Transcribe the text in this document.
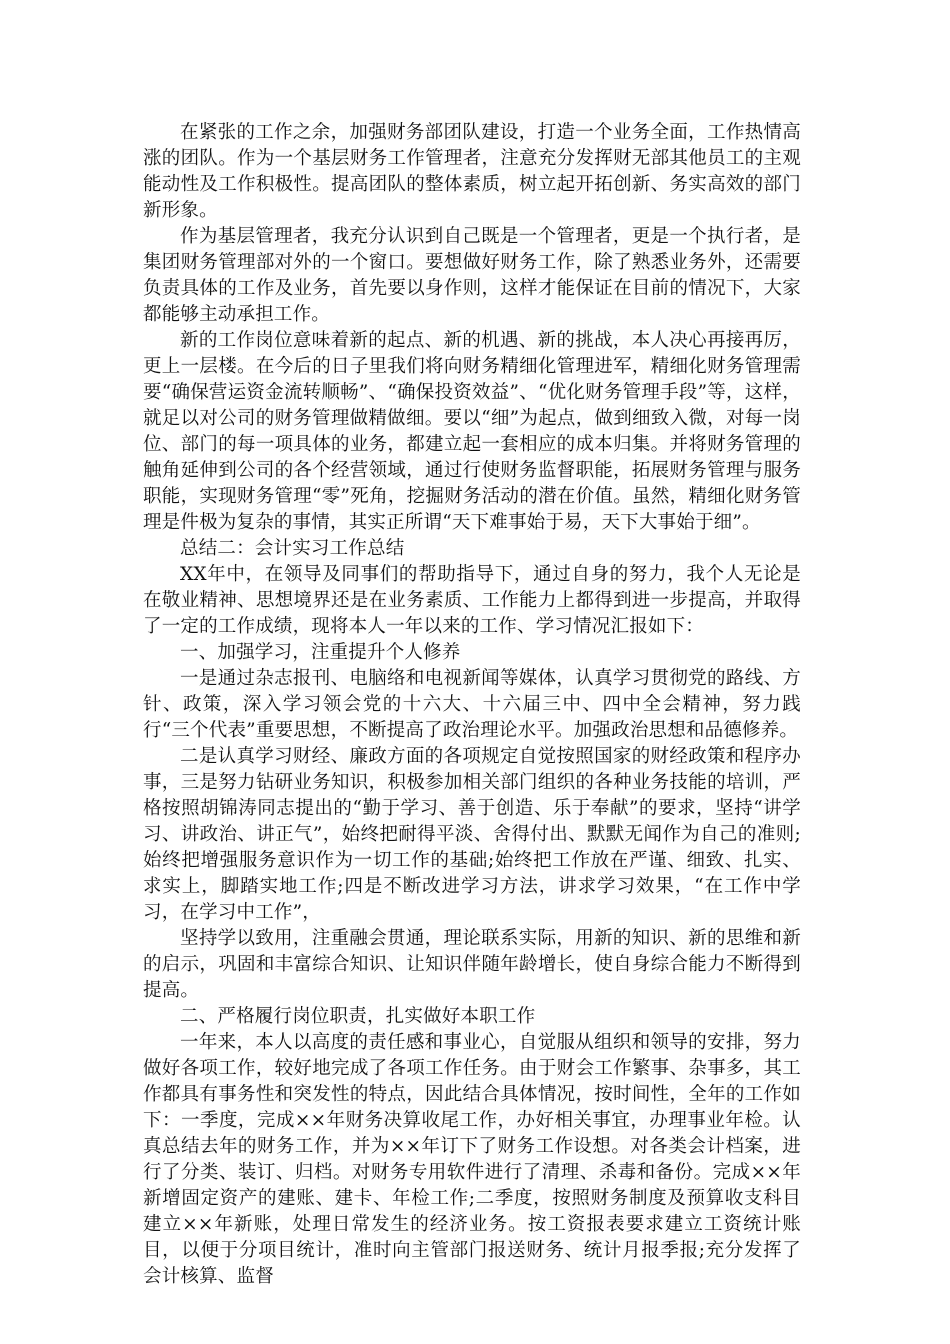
在紧张的工作之余，加强财务部团队建设，打造一个业务全面，工作热情高涨的团队。作为一个基层财务工作管理者，注意充分发挥财无部其他员工的主观能动性及工作积极性。提高团队的整体素质，树立起开拓创新、务实高效的部门新形象。

作为基层管理者，我充分认识到自己既是一个管理者，更是一个执行者，是集团财务管理部对外的一个窗口。要想做好财务工作，除了熟悉业务外，还需要负责具体的工作及业务，首先要以身作则，这样才能保证在目前的情况下，大家都能够主动承担工作。

新的工作岗位意味着新的起点、新的机遇、新的挑战，本人决心再接再厉，更上一层楼。在今后的日子里我们将向财务精细化管理进军，精细化财务管理需要“确保营运资金流转顺畅”、“确保投资效益”、“优化财务管理手段”等，这样，就足以对公司的财务管理做精做细。要以“细”为起点，做到细致入微，对每一岗位、部门的每一项具体的业务，都建立起一套相应的成本归集。并将财务管理的触角延伸到公司的各个经营领域，通过行使财务监督职能，拓展财务管理与服务职能，实现财务管理“零”死角，挖掘财务活动的潜在价值。虽然，精细化财务管理是件极为复杂的事情，其实正所谓“天下难事始于易，天下大事始于细”。

总结二：会计实习工作总结

XX年中，在领导及同事们的帮助指导下，通过自身的努力，我个人无论是在敬业精神、思想境界还是在业务素质、工作能力上都得到进一步提高，并取得了一定的工作成绩，现将本人一年以来的工作、学习情况汇报如下：

一、加强学习，注重提升个人修养

一是通过杂志报刊、电脑络和电视新闻等媒体，认真学习贯彻党的路线、方针、政策，深入学习领会党的十六大、十六届三中、四中全会精神，努力践行“三个代表”重要思想，不断提高了政治理论水平。加强政治思想和品德修养。

二是认真学习财经、廉政方面的各项规定自觉按照国家的财经政策和程序办事，三是努力钻研业务知识，积极参加相关部门组织的各种业务技能的培训，严格按照胡锦涛同志提出的“勤于学习、善于创造、乐于奉献”的要求，坚持“讲学习、讲政治、讲正气”，始终把耐得平淡、舍得付出、默默无闻作为自己的准则;始终把增强服务意识作为一切工作的基础;始终把工作放在严谨、细致、扎实、求实上，脚踏实地工作;四是不断改进学习方法，讲求学习效果，“在工作中学习，在学习中工作”，

坚持学以致用，注重融会贯通，理论联系实际，用新的知识、新的思维和新的启示，巩固和丰富综合知识、让知识伴随年龄增长，使自身综合能力不断得到提高。

二、严格履行岗位职责，扎实做好本职工作

一年来，本人以高度的责任感和事业心，自觉服从组织和领导的安排，努力做好各项工作，较好地完成了各项工作任务。由于财会工作繁事、杂事多，其工作都具有事务性和突发性的特点，因此结合具体情况，按时间性，全年的工作如下：一季度，完成××年财务决算收尾工作，办好相关事宜，办理事业年检。认真总结去年的财务工作，并为××年订下了财务工作设想。对各类会计档案，进行了分类、装订、归档。对财务专用软件进行了清理、杀毒和备份。完成××年新增固定资产的建账、建卡、年检工作;二季度，按照财务制度及预算收支科目建立××年新账，处理日常发生的经济业务。按工资报表要求建立工资统计账目，以便于分项目统计，准时向主管部门报送财务、统计月报季报;充分发挥了会计核算、监督
